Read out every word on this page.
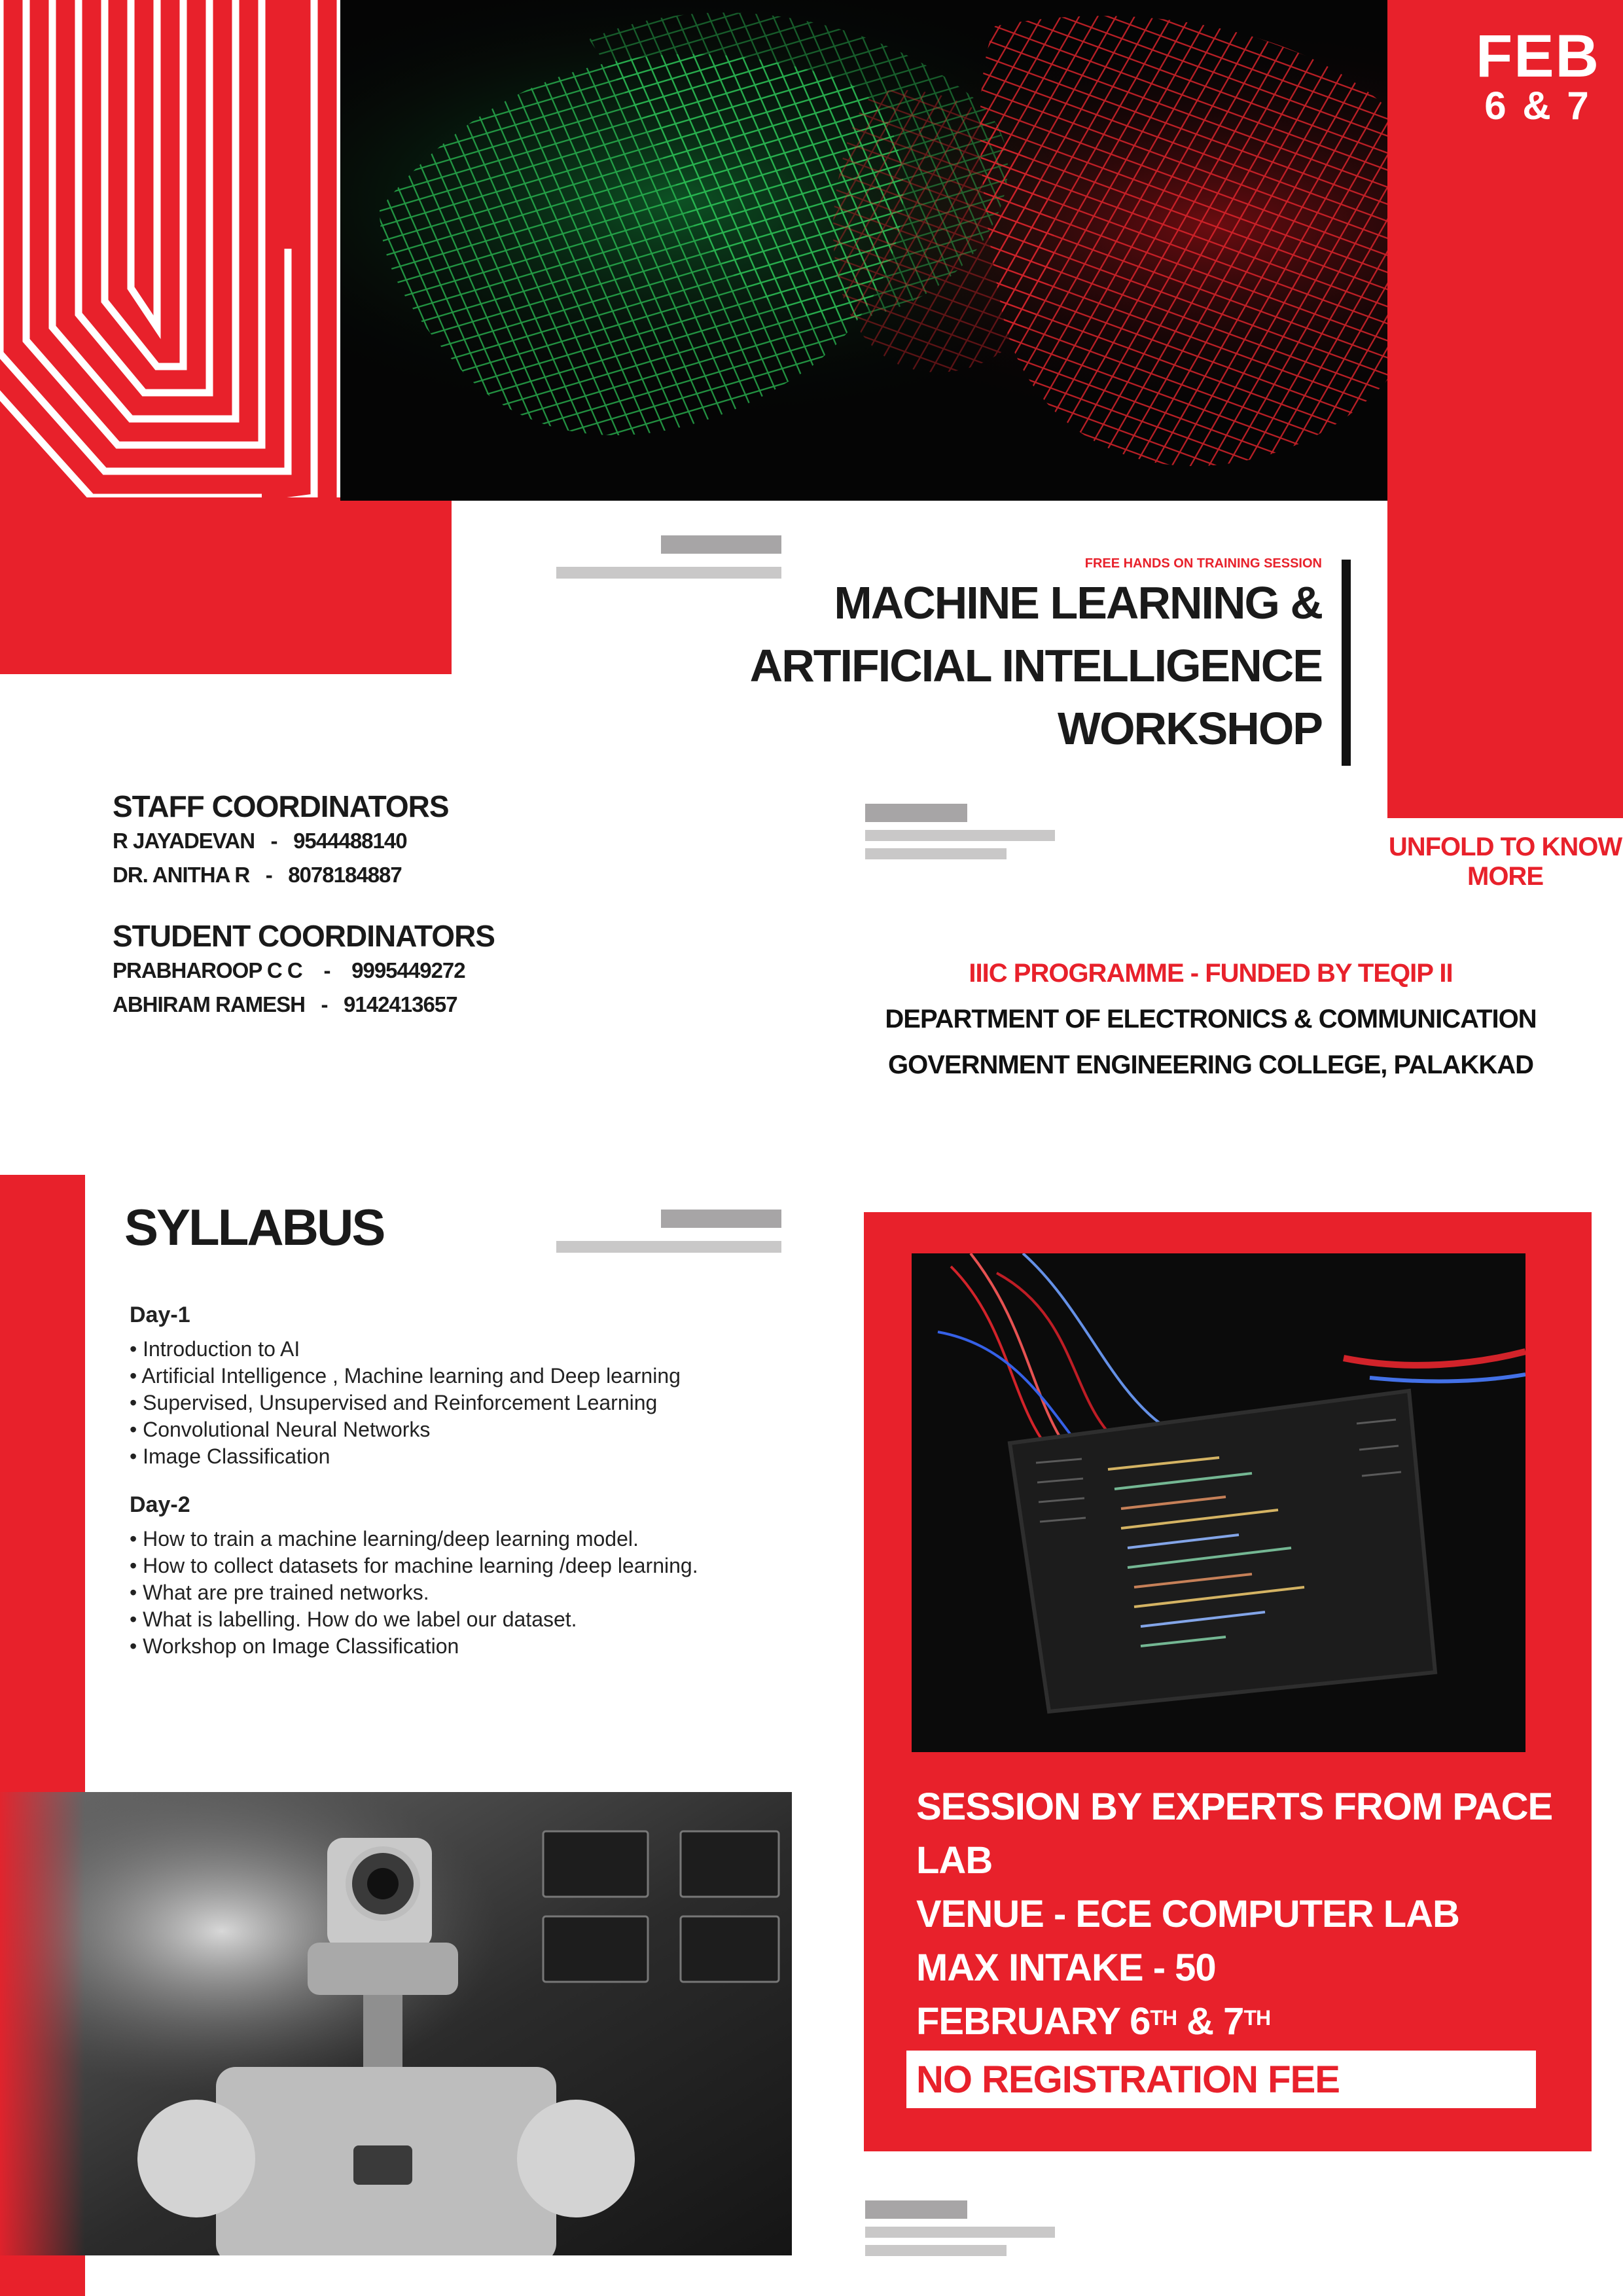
FEB
6 & 7
FREE HANDS ON TRAINING SESSION
MACHINE LEARNING &
ARTIFICIAL INTELLIGENCE
WORKSHOP
UNFOLD TO KNOW MORE
STAFF COORDINATORS
R JAYADEVAN   -   9544488140
DR. ANITHA R   -   8078184887
STUDENT COORDINATORS
PRABHAROOP C C    -    9995449272
ABHIRAM RAMESH   -   9142413657
IIIC PROGRAMME - FUNDED BY TEQIP II
DEPARTMENT OF ELECTRONICS & COMMUNICATION
GOVERNMENT ENGINEERING COLLEGE, PALAKKAD
SYLLABUS
Day-1
• Introduction to AI
• Artificial Intelligence , Machine learning and Deep learning
• Supervised, Unsupervised and Reinforcement Learning
• Convolutional Neural Networks
• Image Classification
Day-2
• How to train a machine learning/deep learning model.
• How to collect datasets for machine learning /deep learning.
• What are pre trained networks.
• What is labelling. How do we label our dataset.
• Workshop on Image Classification
SESSION BY EXPERTS FROM PACE LAB
VENUE - ECE COMPUTER LAB
MAX INTAKE - 50
FEBRUARY 6TH & 7TH
NO REGISTRATION FEE
